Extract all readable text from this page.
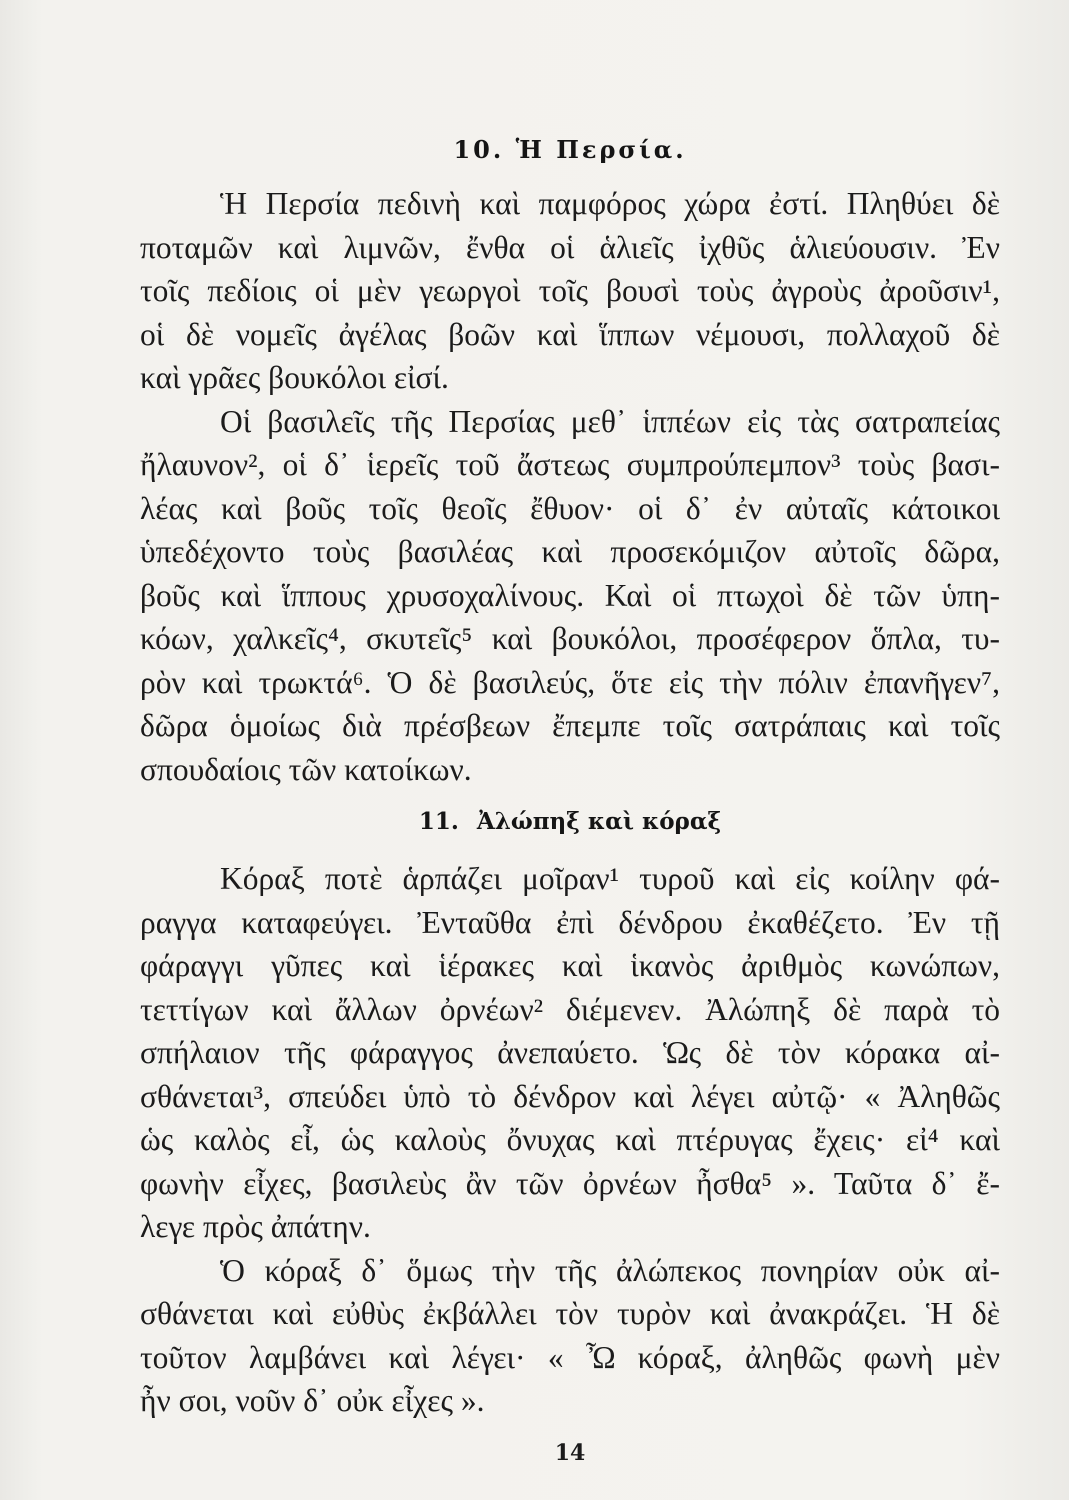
10. Ἡ Περσία.
Ἡ Περσία πεδινὴ καὶ παμφόρος χώρα ἐστί. Πληθύει δὲ
ποταμῶν καὶ λιμνῶν, ἔνθα οἱ ἁλιεῖς ἰχθῦς ἁλιεύουσιν. Ἐν
τοῖς πεδίοις οἱ μὲν γεωργοὶ τοῖς βουσὶ τοὺς ἀγροὺς ἀροῦσιν¹,
οἱ δὲ νομεῖς ἀγέλας βοῶν καὶ ἵππων νέμουσι, πολλαχοῦ δὲ
καὶ γρᾶες βουκόλοι εἰσί.
Οἱ βασιλεῖς τῆς Περσίας μεθ᾽ ἱππέων εἰς τὰς σατραπείας
ἤλαυνον², οἱ δ᾽ ἱερεῖς τοῦ ἄστεως συμπρούπεμπον³ τοὺς βασι-
λέας καὶ βοῦς τοῖς θεοῖς ἔθυον· οἱ δ᾽ ἐν αὐταῖς κάτοικοι
ὑπεδέχοντο τοὺς βασιλέας καὶ προσεκόμιζον αὐτοῖς δῶρα,
βοῦς καὶ ἵππους χρυσοχαλίνους. Καὶ οἱ πτωχοὶ δὲ τῶν ὑπη-
κόων, χαλκεῖς⁴, σκυτεῖς⁵ καὶ βουκόλοι, προσέφερον ὅπλα, τυ-
ρὸν καὶ τρωκτά⁶. Ὁ δὲ βασιλεύς, ὅτε εἰς τὴν πόλιν ἐπανῆγεν⁷,
δῶρα ὁμοίως διὰ πρέσβεων ἔπεμπε τοῖς σατράπαις καὶ τοῖς
σπουδαίοις τῶν κατοίκων.
11. Ἀλώπηξ καὶ κόραξ
Κόραξ ποτὲ ἁρπάζει μοῖραν¹ τυροῦ καὶ εἰς κοίλην φά-
ραγγα καταφεύγει. Ἐνταῦθα ἐπὶ δένδρου ἐκαθέζετο. Ἐν τῇ
φάραγγι γῦπες καὶ ἱέρακες καὶ ἱκανὸς ἀριθμὸς κωνώπων,
τεττίγων καὶ ἄλλων ὀρνέων² διέμενεν. Ἀλώπηξ δὲ παρὰ τὸ
σπήλαιον τῆς φάραγγος ἀνεπαύετο. Ὡς δὲ τὸν κόρακα αἰ-
σθάνεται³, σπεύδει ὑπὸ τὸ δένδρον καὶ λέγει αὐτῷ· « Ἀληθῶς
ὡς καλὸς εἶ, ὡς καλοὺς ὄνυχας καὶ πτέρυγας ἔχεις· εἰ⁴ καὶ
φωνὴν εἶχες, βασιλεὺς ἂν τῶν ὀρνέων ἦσθα⁵ ». Ταῦτα δ᾽ ἔ-
λεγε πρὸς ἀπάτην.
Ὁ κόραξ δ᾽ ὅμως τὴν τῆς ἀλώπεκος πονηρίαν οὐκ αἰ-
σθάνεται καὶ εὐθὺς ἐκβάλλει τὸν τυρὸν καὶ ἀνακράζει. Ἡ δὲ
τοῦτον λαμβάνει καὶ λέγει· « Ὦ κόραξ, ἀληθῶς φωνὴ μὲν
ἦν σοι, νοῦν δ᾽ οὐκ εἶχες ».
14
